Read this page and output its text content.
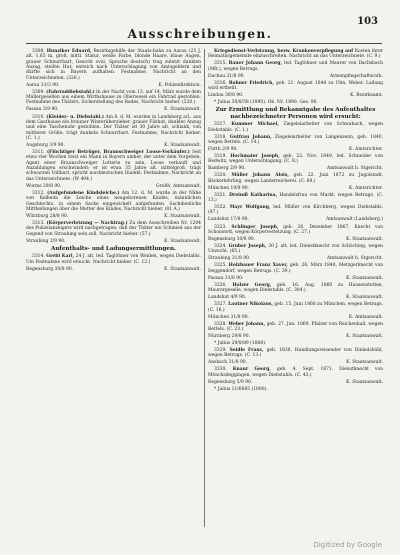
103
Ausschreibungen.

3308. Hunziker Eduard, Bezirksgehilfe der Staats-bahn zu Aarau (25 J. alt, 1,65 m. groß, mittl. Statur, weiße Farbe, blonde Haare, blaue Augen, grauer Schnurrbart, Gesicht oval, Sprache deutsch) trug zuletzt dunklen Anzug, steifen Hut; entwich nach Unterschlagung von Amtsgeldern und dürfte sich in Bayern aufhalten. Festnahme, Nachricht an den Unterzeichneten. (320.)

Aarau 31/3 90.	K. Polizeidirektion.

3309. (Fahrraddiebstahl.) In der Nacht vom 13. auf 14. März wurde dem Müllergesellen aus einem Wirthshause zu Oberwesel ein Fahrrad gestohlen. Festnahme des Thäters, Sicherstellung des Rades, Nachricht hieher. (520.)

Passau 3/9 90.	K. Staatsanwalt.

3310. (Kleider- u. Diebstahl.) Am 8. d. M. wurden in Landsberg a/L. aus dem Gasthause ein brauner Winterüberzieher, grauer Filzhut, dunkler Anzug und eine Taschenuhr gestohlen. Der Thäter ist 30 Jahre alt, schlank, von mittlerer Größe, trägt dunkeln Schnurrbart. Festnahme, Nachricht hieher. (C. 1.)

Augsburg 3/9 90.	K. Staatsanwalt.

3311. (Flüchtiger Betrüger, Braunschweiger Loose-Verkäufer.) Seit etwa vier Wochen reist ein Mann in Bayern umher, der unter dem Vorgeben, Agent einer Braunschweiger Lotterie zu sein, Loose verkauft und Anzahlungen erschwindelt; er ist etwa 35 Jahre alt, mittelgroß, trägt schwarzen Vollbart, spricht norddeutschen Dialekt. Festnahme, Nachricht an das Unterzeichnete. (W 404.)

Worms 29/8 90.	Großh. Amtsanwalt.

3312. (Aufgefundene Kindsleiche.) Am 12. d. M. wurde in der Nähe von Kelheim die Leiche eines neugeborenen Kindes, männlichen Geschlechts, in einem Sacke eingewickelt aufgefunden. Sachdienliche Mittheilungen über die Mutter des Kindes, Nachricht hieher. (81 A.)

Würzburg 28/8 90.	K. Staatsanwalt.

3313. (Körperverletzung — Nachtrag.) Zu dem Ausschreiben Nr. 1204 des Polizeianzeigers wird nachgetragen, daß der Thäter ein Schmied aus der Gegend von Straubing sein soll. Nachricht hieher. (57.)

Straubing 2/9 90.	K. Staatsanwalt.
Aufenthalts- und Ladungsermittlungen.

3314. Grebl Karl, 24 J. alt, led. Taglöhner von Weiden, wegen Diebstahls. Um Festnahme wird ersucht. Nachricht hieher. (C. 12.)

Regensburg 30/8 90.	K. Staatsanwalt.

Kriegsdienst-Verletzung, bezw. Krankenverpflegung auf Kosten ihrer Heimathsgemeinde einzuschreiten. Nachricht an das Unterzeichnete. (C. 9.)

3315. Bauer Johann Georg, led. Taglöhner und Maurer von Dachsbach (Mfr.), wegen Betrugs.

Dachau 31/8 90.	Armenpflegschaftsrath.

3316. Rohner Friedrich, geb. 21. August 1844 zu Ulm, Weber. Ladung wird ertheilt.

Lindau 30/8 90.	K. Bezirksamt.

* Julius 30/8/58 (1890). Ob. Nr. 1890. Ges. 90.

Zur Ermittlung und Bekanntgabe des Aufenthaltes nachbezeichneter Personen wird ersucht:

3317. Kummer Michael, Ziegeleiarbeiter von Schwabach, wegen Diebstahls. (C. 1.)

3318. Gutfrau Johann, Ziegeleiarbeiter von Langenzenn, geb. 1840, wegen Bettels. (C. 14.)

Fürth 2/9 90.	K. Amtsrichter.

3319. Hochmaier Joseph, geb. 22. Nov. 1849, led. Schneider von Redwitz, wegen Unterschlagung. (C. 8.)

Bamberg 2/9 90.	Amtsanwalt b. Stgericht.

3320. Müller Johann Alois, geb. 22. Juni 1872 zu Jngolstadt, Bäckerlehrling, wegen Landstreicherei. (C. 69.)

München 19/8 90.	K. Amtsrichter.

3321. Dreindl Katharina, Handelsfrau von Markt, wegen Betrugs. (C. 13.)

3322. Mayr Wolfgang, led. Müller von Kirchberg, wegen Diebstahls. (87.)

Landshut 17/8 90.	Amtsanwalt (Landsberg.)

3323. Schlinger Joseph, geb. 26. Dezember 1867, Knecht von Schonstett, wegen Körperverletzung. (C. 27.)

Regensburg 30/8 90.	K. Staatsanwalt.

3324. Gruber Joseph, 30 J. alt, led. Dienstknecht von Schöching, wegen Unzucht. (65.)

Straubing 31/8 90.	Amtsanwalt b. Stgericht.

3325. Holzbauer Franz Xaver, geb. 26. März 1840, Metzgerknecht von Deggendorf, wegen Betrugs. (C. 39.)

Passau 31/8 90.	K. Staatsanwalt.

3326. Holzer Georg, geb. 16. Aug. 1860 zu Hausenstetten, Maurergeselle, wegen Diebstahls. (C. 384.)

Landshut 4/9 90.	K. Staatsanwalt.

3327. Lautner Nikolaus, geb. 15. Juni 1868 zu München, wegen Betrugs. (C. 16.)

München 31/8 90.	K. Amtsanwalt.

3328. Weber Johann, geb. 27. Jan. 1869, Pfalzer von Reichenhall, wegen Bettels. (C. 23.)

Nürnberg 29/8 90.	K. Staatsanwalt.

* Julius 29/8/89 (1888).

3329. Seidle Franz, geb. 1838, Handlungsreisender von Dinkelsbühl, wegen Betrugs. (C. 13.)

Ansbach 31/8 90.	K. Staatsanwalt.

3330. Knaur Georg, geb. 4. Sept. 1871, Dienstknecht von Mönchsdeggingen, wegen Diebstahls. (C. 43.)

Regensburg 5/9 90.	K. Staatsanwalt.

* Julius 11/6605 (1890).

Digitized by Google
